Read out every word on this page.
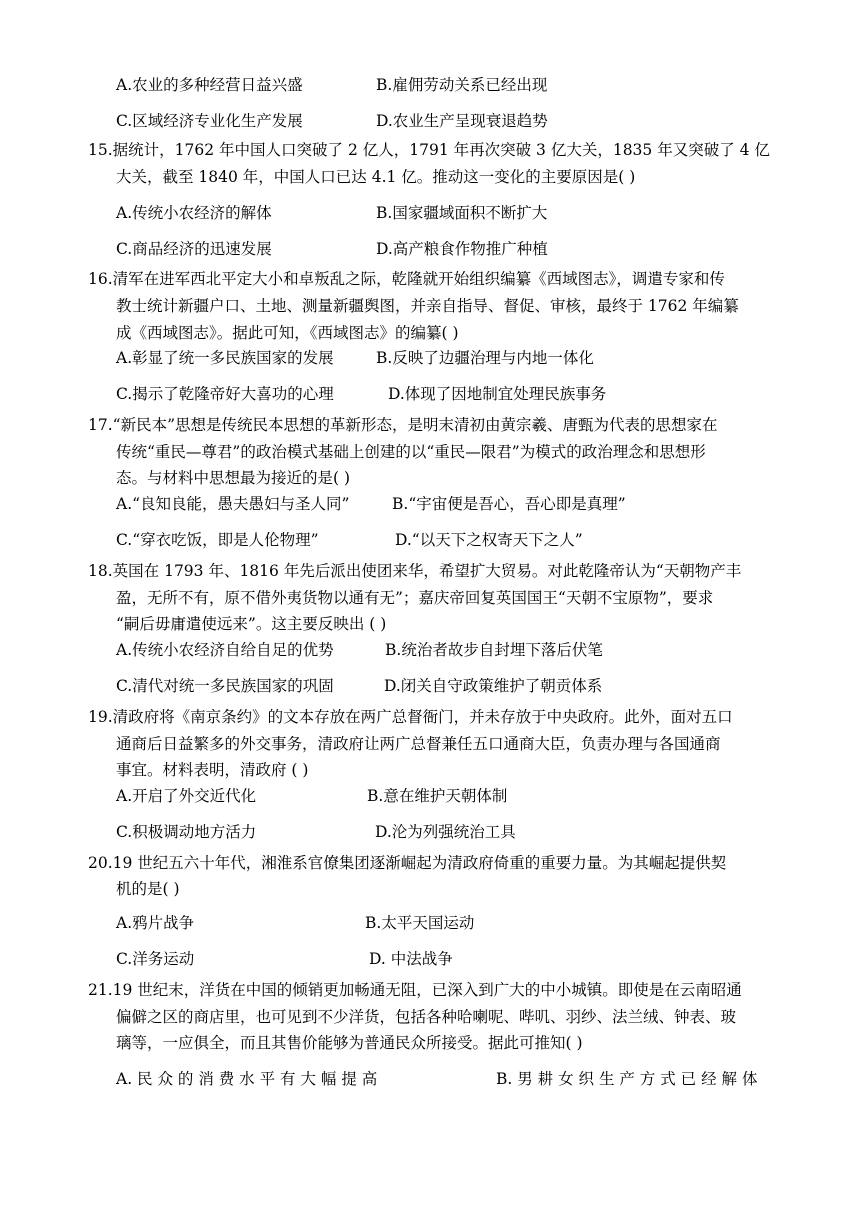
A.农业的多种经营日益兴盛	B.雇佣劳动关系已经出现
C.区域经济专业化生产发展	D.农业生产呈现衰退趋势
15.据统计，1762 年中国人口突破了 2 亿人，1791 年再次突破 3 亿大关，1835 年又突破了 4 亿
大关，截至 1840 年，中国人口已达 4.1 亿。推动这一变化的主要原因是( )
A.传统小农经济的解体	B.国家疆域面积不断扩大
C.商品经济的迅速发展	D.高产粮食作物推广种植
16.清军在进军西北平定大小和卓叛乱之际，乾隆就开始组织编纂《西域图志》，调遣专家和传
教士统计新疆户口、土地、测量新疆舆图，并亲自指导、督促、审核，最终于 1762 年编纂
成《西域图志》。据此可知，《西域图志》的编纂( )
A.彰显了统一多民族国家的发展	B.反映了边疆治理与内地一体化
C.揭示了乾隆帝好大喜功的心理	D.体现了因地制宜处理民族事务
17.“新民本”思想是传统民本思想的革新形态，是明末清初由黄宗羲、唐甄为代表的思想家在
传统“重民—尊君”的政治模式基础上创建的以“重民—限君”为模式的政治理念和思想形
态。与材料中思想最为接近的是( )
A.“良知良能，愚夫愚妇与圣人同”	B.“宇宙便是吾心，吾心即是真理”
C.“穿衣吃饭，即是人伦物理”	D.“以天下之权寄天下之人”
18.英国在 1793 年、1816 年先后派出使团来华，希望扩大贸易。对此乾隆帝认为“天朝物产丰
盈，无所不有，原不借外夷货物以通有无”；嘉庆帝回复英国国王“天朝不宝原物”，要求
“嗣后毋庸遣使远来”。这主要反映出 ( )
A.传统小农经济自给自足的优势	B.统治者故步自封埋下落后伏笔
C.清代对统一多民族国家的巩固	D.闭关自守政策维护了朝贡体系
19.清政府将《南京条约》的文本存放在两广总督衙门，并未存放于中央政府。此外，面对五口
通商后日益繁多的外交事务，清政府让两广总督兼任五口通商大臣，负责办理与各国通商
事宜。材料表明，清政府 ( )
A.开启了外交近代化	B.意在维护天朝体制
C.积极调动地方活力	D.沦为列强统治工具
20.19 世纪五六十年代，湘淮系官僚集团逐渐崛起为清政府倚重的重要力量。为其崛起提供契
机的是( )
A.鸦片战争	B.太平天国运动
C.洋务运动	D. 中法战争
21.19 世纪末，洋货在中国的倾销更加畅通无阻，已深入到广大的中小城镇。即使是在云南昭通
偏僻之区的商店里，也可见到不少洋货，包括各种哈喇呢、哔叽、羽纱、法兰绒、钟表、玻
璃等，一应俱全，而且其售价能够为普通民众所接受。据此可推知( )
A. 民 众 的 消 费 水 平 有 大 幅 提 高	B. 男 耕 女 织 生 产 方 式 已 经 解 体
